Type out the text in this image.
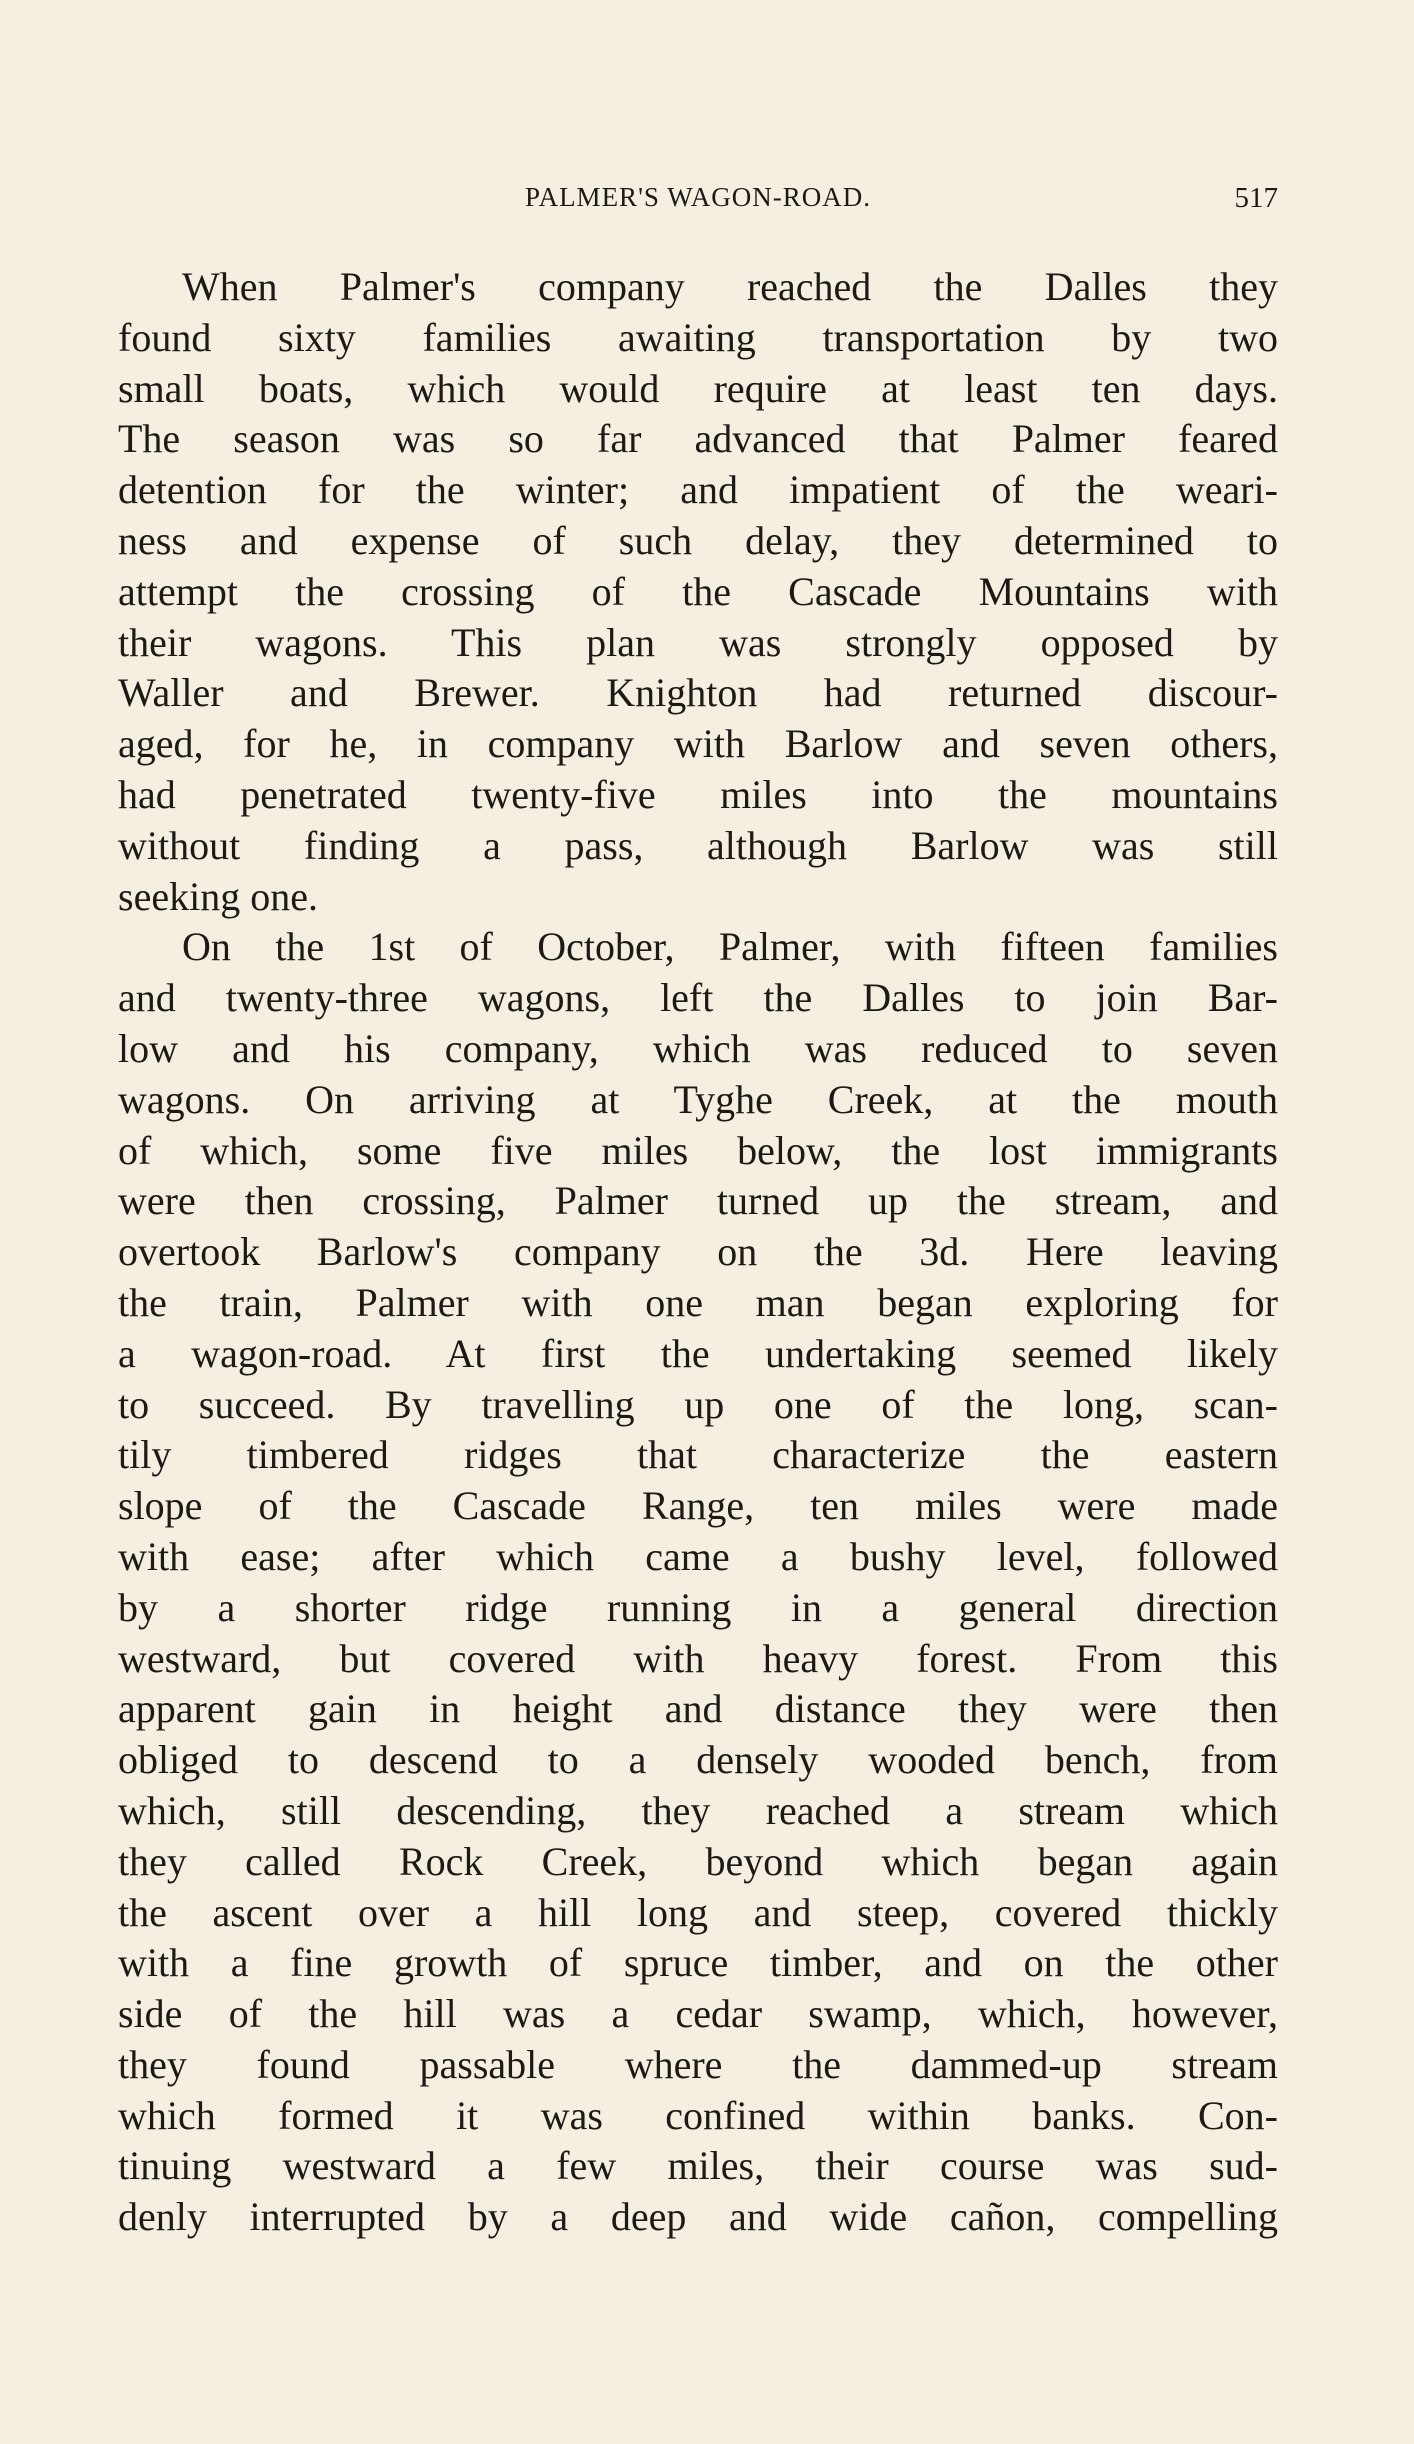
PALMER'S WAGON-ROAD.	517
When Palmer's company reached the Dalles they
found sixty families awaiting transportation by two
small boats, which would require at least ten days.
The season was so far advanced that Palmer feared
detention for the winter; and impatient of the weari-
ness and expense of such delay, they determined to
attempt the crossing of the Cascade Mountains with
their wagons. This plan was strongly opposed by
Waller and Brewer. Knighton had returned discour-
aged, for he, in company with Barlow and seven others,
had penetrated twenty-five miles into the mountains
without finding a pass, although Barlow was still
seeking one.
On the 1st of October, Palmer, with fifteen families
and twenty-three wagons, left the Dalles to join Bar-
low and his company, which was reduced to seven
wagons. On arriving at Tyghe Creek, at the mouth
of which, some five miles below, the lost immigrants
were then crossing, Palmer turned up the stream, and
overtook Barlow's company on the 3d. Here leaving
the train, Palmer with one man began exploring for
a wagon-road. At first the undertaking seemed likely
to succeed. By travelling up one of the long, scan-
tily timbered ridges that characterize the eastern
slope of the Cascade Range, ten miles were made
with ease; after which came a bushy level, followed
by a shorter ridge running in a general direction
westward, but covered with heavy forest. From this
apparent gain in height and distance they were then
obliged to descend to a densely wooded bench, from
which, still descending, they reached a stream which
they called Rock Creek, beyond which began again
the ascent over a hill long and steep, covered thickly
with a fine growth of spruce timber, and on the other
side of the hill was a cedar swamp, which, however,
they found passable where the dammed-up stream
which formed it was confined within banks. Con-
tinuing westward a few miles, their course was sud-
denly interrupted by a deep and wide cañon, compelling
